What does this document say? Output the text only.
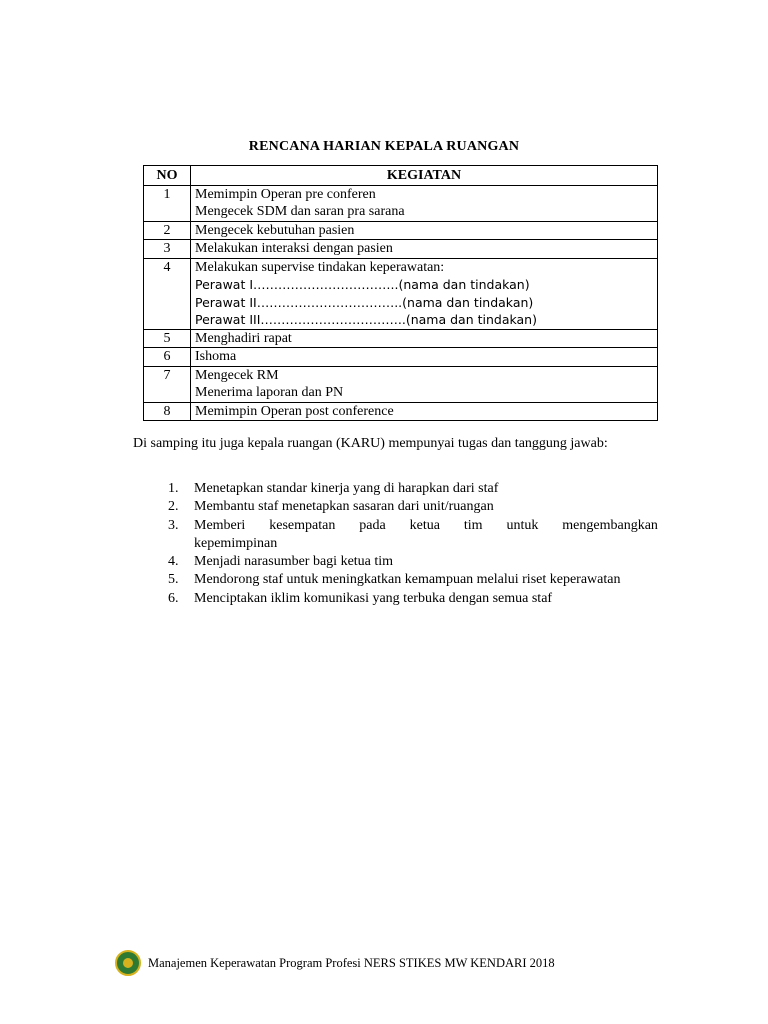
RENCANA HARIAN KEPALA RUANGAN
NO	KEGIATAN
1	Memimpin Operan pre conferen
Mengecek SDM dan saran pra sarana

2	Mengecek kebutuhan pasien

3	Melakukan interaksi dengan pasien

4	Melakukan supervise tindakan keperawatan:
Perawat I……………………………..(nama dan tindakan)
Perawat II……………………………..(nama dan tindakan)
Perawat III……………………………..(nama dan tindakan)

5	Menghadiri rapat

6	Ishoma

7	Mengecek RM
Menerima laporan dan PN

8	Memimpin Operan post conference
Di samping itu juga kepala ruangan (KARU) mempunyai tugas dan tanggung jawab:
1. Menetapkan standar kinerja yang di harapkan dari staf
2. Membantu staf menetapkan sasaran dari unit/ruangan
3. Memberi kesempatan pada ketua tim untuk mengembangkan
kepemimpinan
4. Menjadi narasumber bagi ketua tim
5. Mendorong staf untuk meningkatkan kemampuan melalui riset keperawatan
6. Menciptakan iklim komunikasi yang terbuka dengan semua staf
Manajemen Keperawatan Program Profesi NERS STIKES MW KENDARI 2018
